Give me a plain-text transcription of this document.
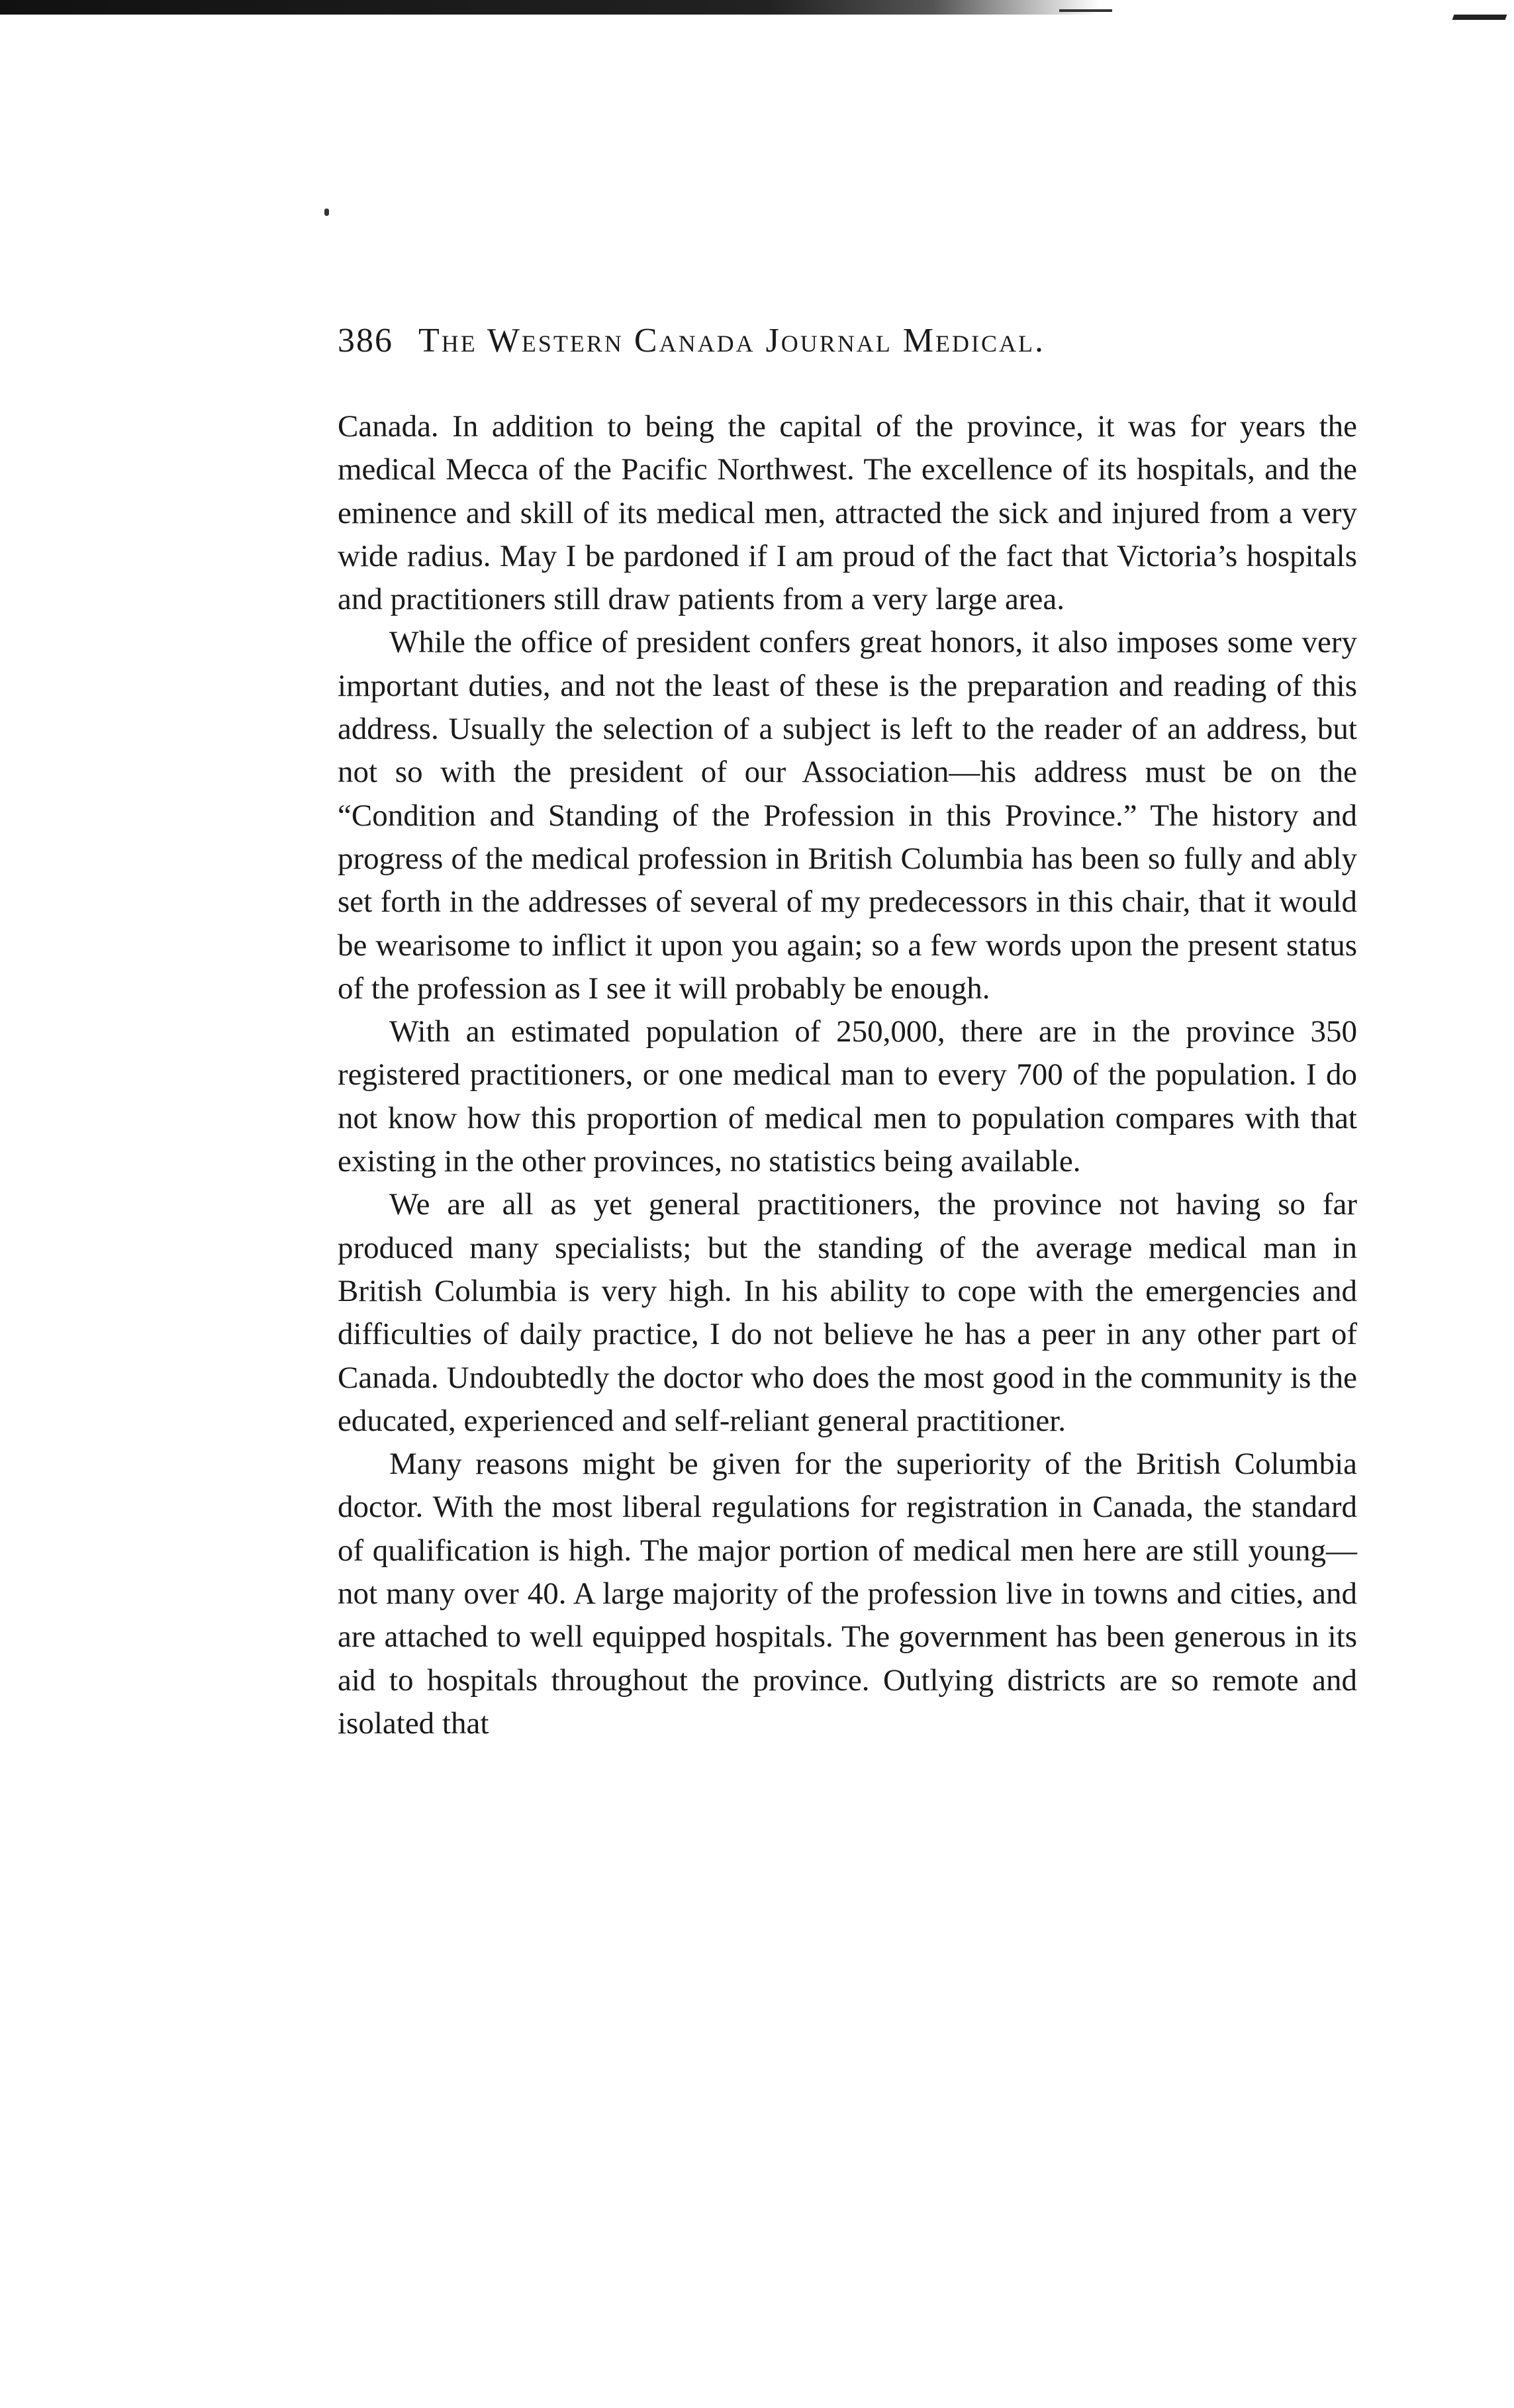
386 The Western Canada Journal Medical.

Canada. In addition to being the capital of the province, it was for years the medical Mecca of the Pacific Northwest. The excellence of its hospitals, and the eminence and skill of its medical men, attracted the sick and injured from a very wide radius. May I be pardoned if I am proud of the fact that Victoria’s hospitals and practitioners still draw patients from a very large area.

While the office of president confers great honors, it also imposes some very important duties, and not the least of these is the preparation and reading of this address. Usually the selection of a subject is left to the reader of an address, but not so with the president of our Association—his address must be on the “Condition and Standing of the Profession in this Province.” The history and progress of the medical profession in British Columbia has been so fully and ably set forth in the addresses of several of my predecessors in this chair, that it would be wearisome to inflict it upon you again; so a few words upon the present status of the profession as I see it will probably be enough.

With an estimated population of 250,000, there are in the province 350 registered practitioners, or one medical man to every 700 of the population. I do not know how this proportion of medical men to population compares with that existing in the other provinces, no statistics being available.

We are all as yet general practitioners, the province not having so far produced many specialists; but the standing of the average medical man in British Columbia is very high. In his ability to cope with the emergencies and difficulties of daily practice, I do not believe he has a peer in any other part of Canada. Undoubtedly the doctor who does the most good in the community is the educated, experienced and self-reliant general practitioner.

Many reasons might be given for the superiority of the British Columbia doctor. With the most liberal regulations for registration in Canada, the standard of qualification is high. The major portion of medical men here are still young—not many over 40. A large majority of the profession live in towns and cities, and are attached to well equipped hospitals. The government has been generous in its aid to hospitals throughout the province. Outlying districts are so remote and isolated that
